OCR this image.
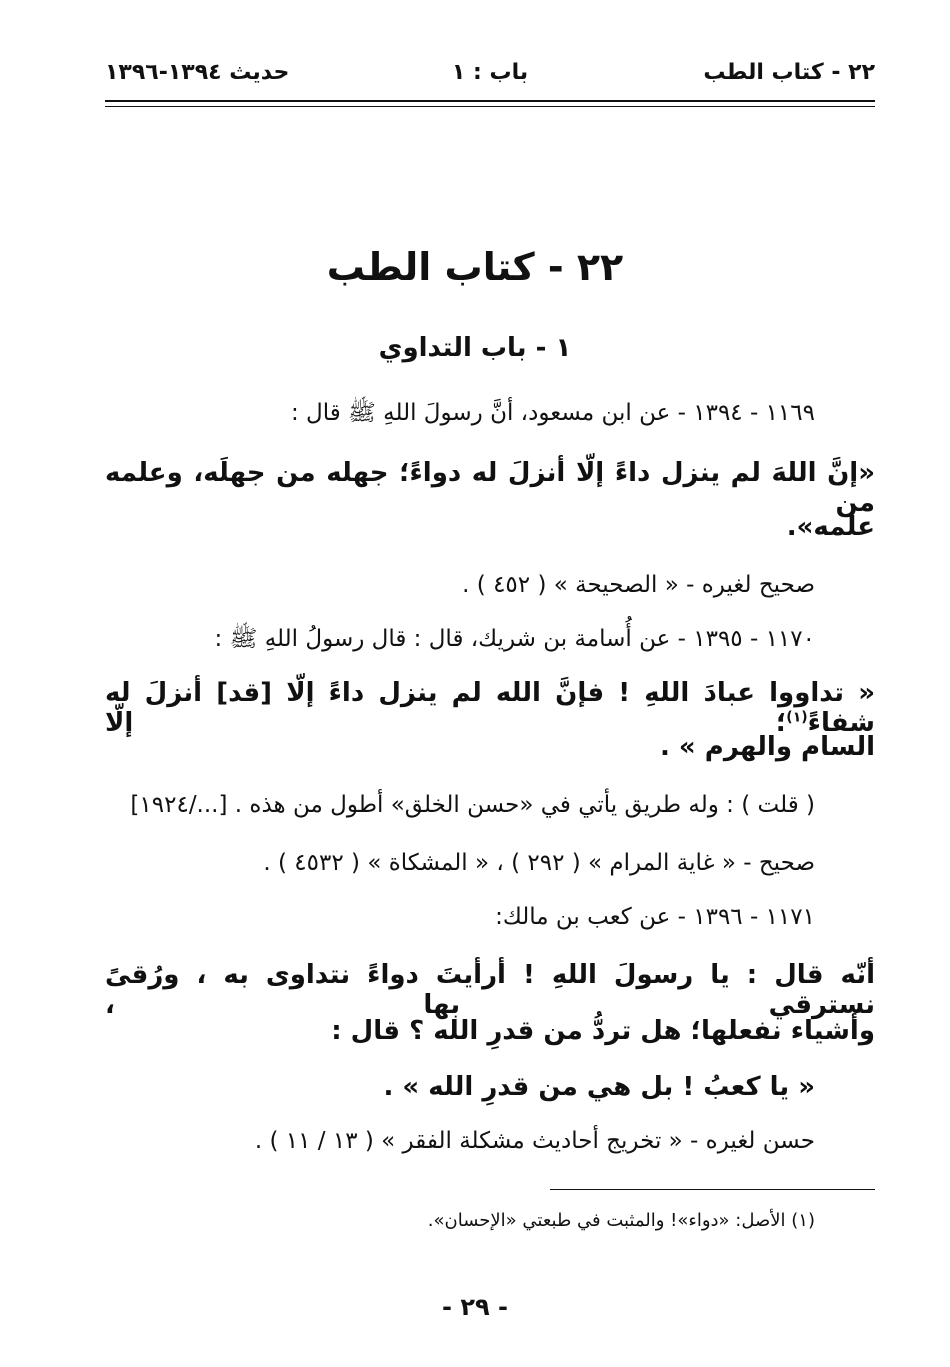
٢٢ - كتاب الطب
باب : ١
حديث ١٣٩٤-١٣٩٦
٢٢ - كتاب الطب
١ - باب التداوي
١١٦٩ - ١٣٩٤ - عن ابن مسعود، أنَّ رسولَ اللهِ ﷺ قال :
«إنَّ اللهَ لم ينزل داءً إلّا أنزلَ له دواءً؛ جهله من جهلَه، وعلمه من
علمه».
صحيح لغيره - « الصحيحة » ( ٤٥٢ ) .
١١٧٠ - ١٣٩٥ - عن أُسامة بن شريك، قال : قال رسولُ اللهِ ﷺ :
« تداووا عبادَ اللهِ ! فإنَّ الله لم ينزل داءً إلّا [قد] أنزلَ له شفاءً$^{(١)}$؛ إلّا
السام والهرم » .
( قلت ) : وله طريق يأتي في «حسن الخلق» أطول من هذه . [.../١٩٢٤]
صحيح - « غاية المرام » ( ٢٩٢ ) ، « المشكاة » ( ٤٥٣٢ ) .
١١٧١ - ١٣٩٦ - عن كعب بن مالك:
أنّه قال : يا رسولَ اللهِ ! أرأيتَ دواءً نتداوى به ، ورُقىً نسترقي بها ،
وأشياء نفعلها؛ هل تردُّ من قدرِ الله ؟ قال :
« يا كعبُ ! بل هي من قدرِ الله » .
حسن لغيره - « تخريج أحاديث مشكلة الفقر » ( ١٣ / ١١ ) .
(١) الأصل: «دواء»! والمثبت في طبعتي «الإحسان».
- ٢٩ -
